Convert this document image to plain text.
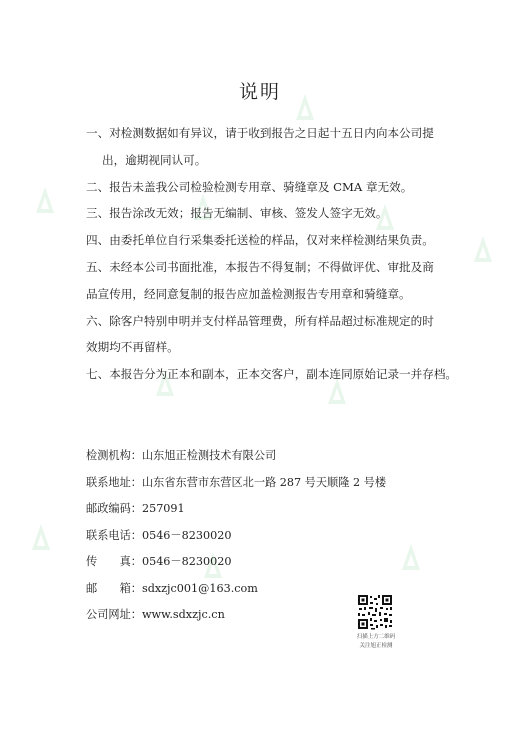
说明
一、对检测数据如有异议，请于收到报告之日起十五日内向本公司提
出，逾期视同认可。
二、报告未盖我公司检验检测专用章、骑缝章及 CMA 章无效。
三、报告涂改无效；报告无编制、审核、签发人签字无效。
四、由委托单位自行采集委托送检的样品，仅对来样检测结果负责。
五、未经本公司书面批准，本报告不得复制；不得做评优、审批及商
品宣传用，经同意复制的报告应加盖检测报告专用章和骑缝章。
六、除客户特别申明并支付样品管理费，所有样品超过标准规定的时
效期均不再留样。
七、本报告分为正本和副本，正本交客户，副本连同原始记录一并存档。
检测机构：山东旭正检测技术有限公司
联系地址：山东省东营市东营区北一路 287 号天顺隆 2 号楼
邮政编码：257091
联系电话：0546－8230020
传　　真：0546－8230020
邮　　箱：sdxzjc001@163.com
公司网址：www.sdxzjc.cn
扫描上方二维码
关注旭正检测
